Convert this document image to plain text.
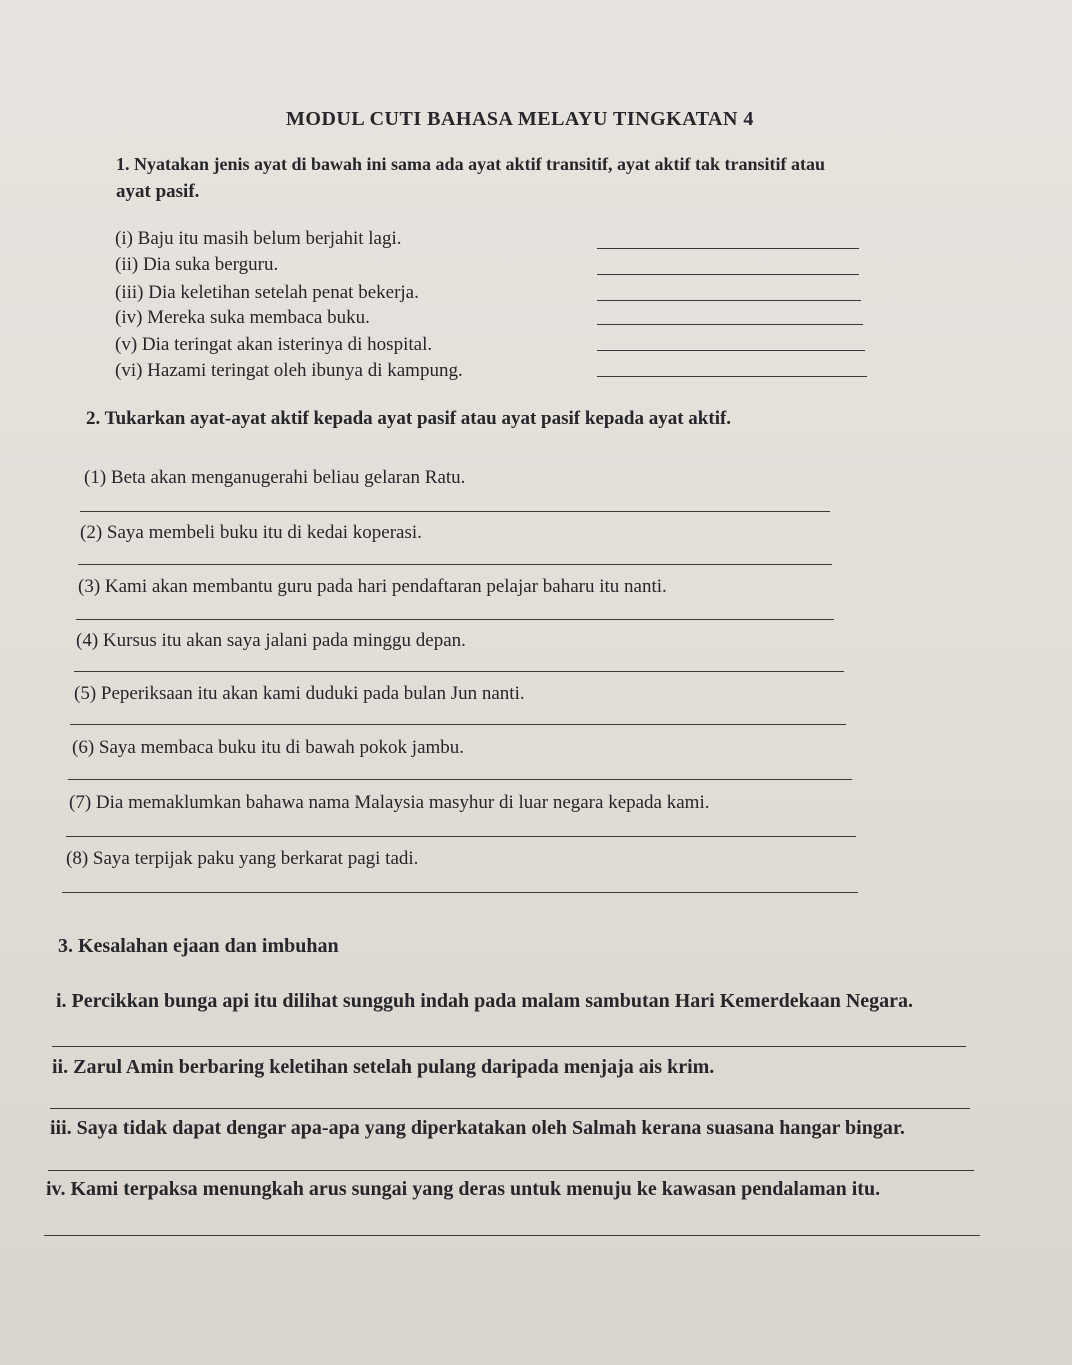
MODUL CUTI BAHASA MELAYU TINGKATAN 4
1. Nyatakan jenis ayat di bawah ini sama ada ayat aktif transitif, ayat aktif tak transitif atau
ayat pasif.
(i) Baju itu masih belum berjahit lagi.
(ii) Dia suka berguru.
(iii) Dia keletihan setelah penat bekerja.
(iv) Mereka suka membaca buku.
(v) Dia teringat akan isterinya di hospital.
(vi) Hazami teringat oleh ibunya di kampung.
2. Tukarkan ayat-ayat aktif kepada ayat pasif atau ayat pasif kepada ayat aktif.
(1) Beta akan menganugerahi beliau gelaran Ratu.
(2) Saya membeli buku itu di kedai koperasi.
(3) Kami akan membantu guru pada hari pendaftaran pelajar baharu itu nanti.
(4) Kursus itu akan saya jalani pada minggu depan.
(5) Peperiksaan itu akan kami duduki pada bulan Jun nanti.
(6) Saya membaca buku itu di bawah pokok jambu.
(7) Dia memaklumkan bahawa nama Malaysia masyhur di luar negara kepada kami.
(8) Saya terpijak paku yang berkarat pagi tadi.
3. Kesalahan ejaan dan imbuhan
i. Percikkan bunga api itu dilihat sungguh indah pada malam sambutan Hari Kemerdekaan Negara.
ii. Zarul Amin berbaring keletihan setelah pulang daripada menjaja ais krim.
iii. Saya tidak dapat dengar apa-apa yang diperkatakan oleh Salmah kerana suasana hangar bingar.
iv. Kami terpaksa menungkah arus sungai yang deras untuk menuju ke kawasan pendalaman itu.
